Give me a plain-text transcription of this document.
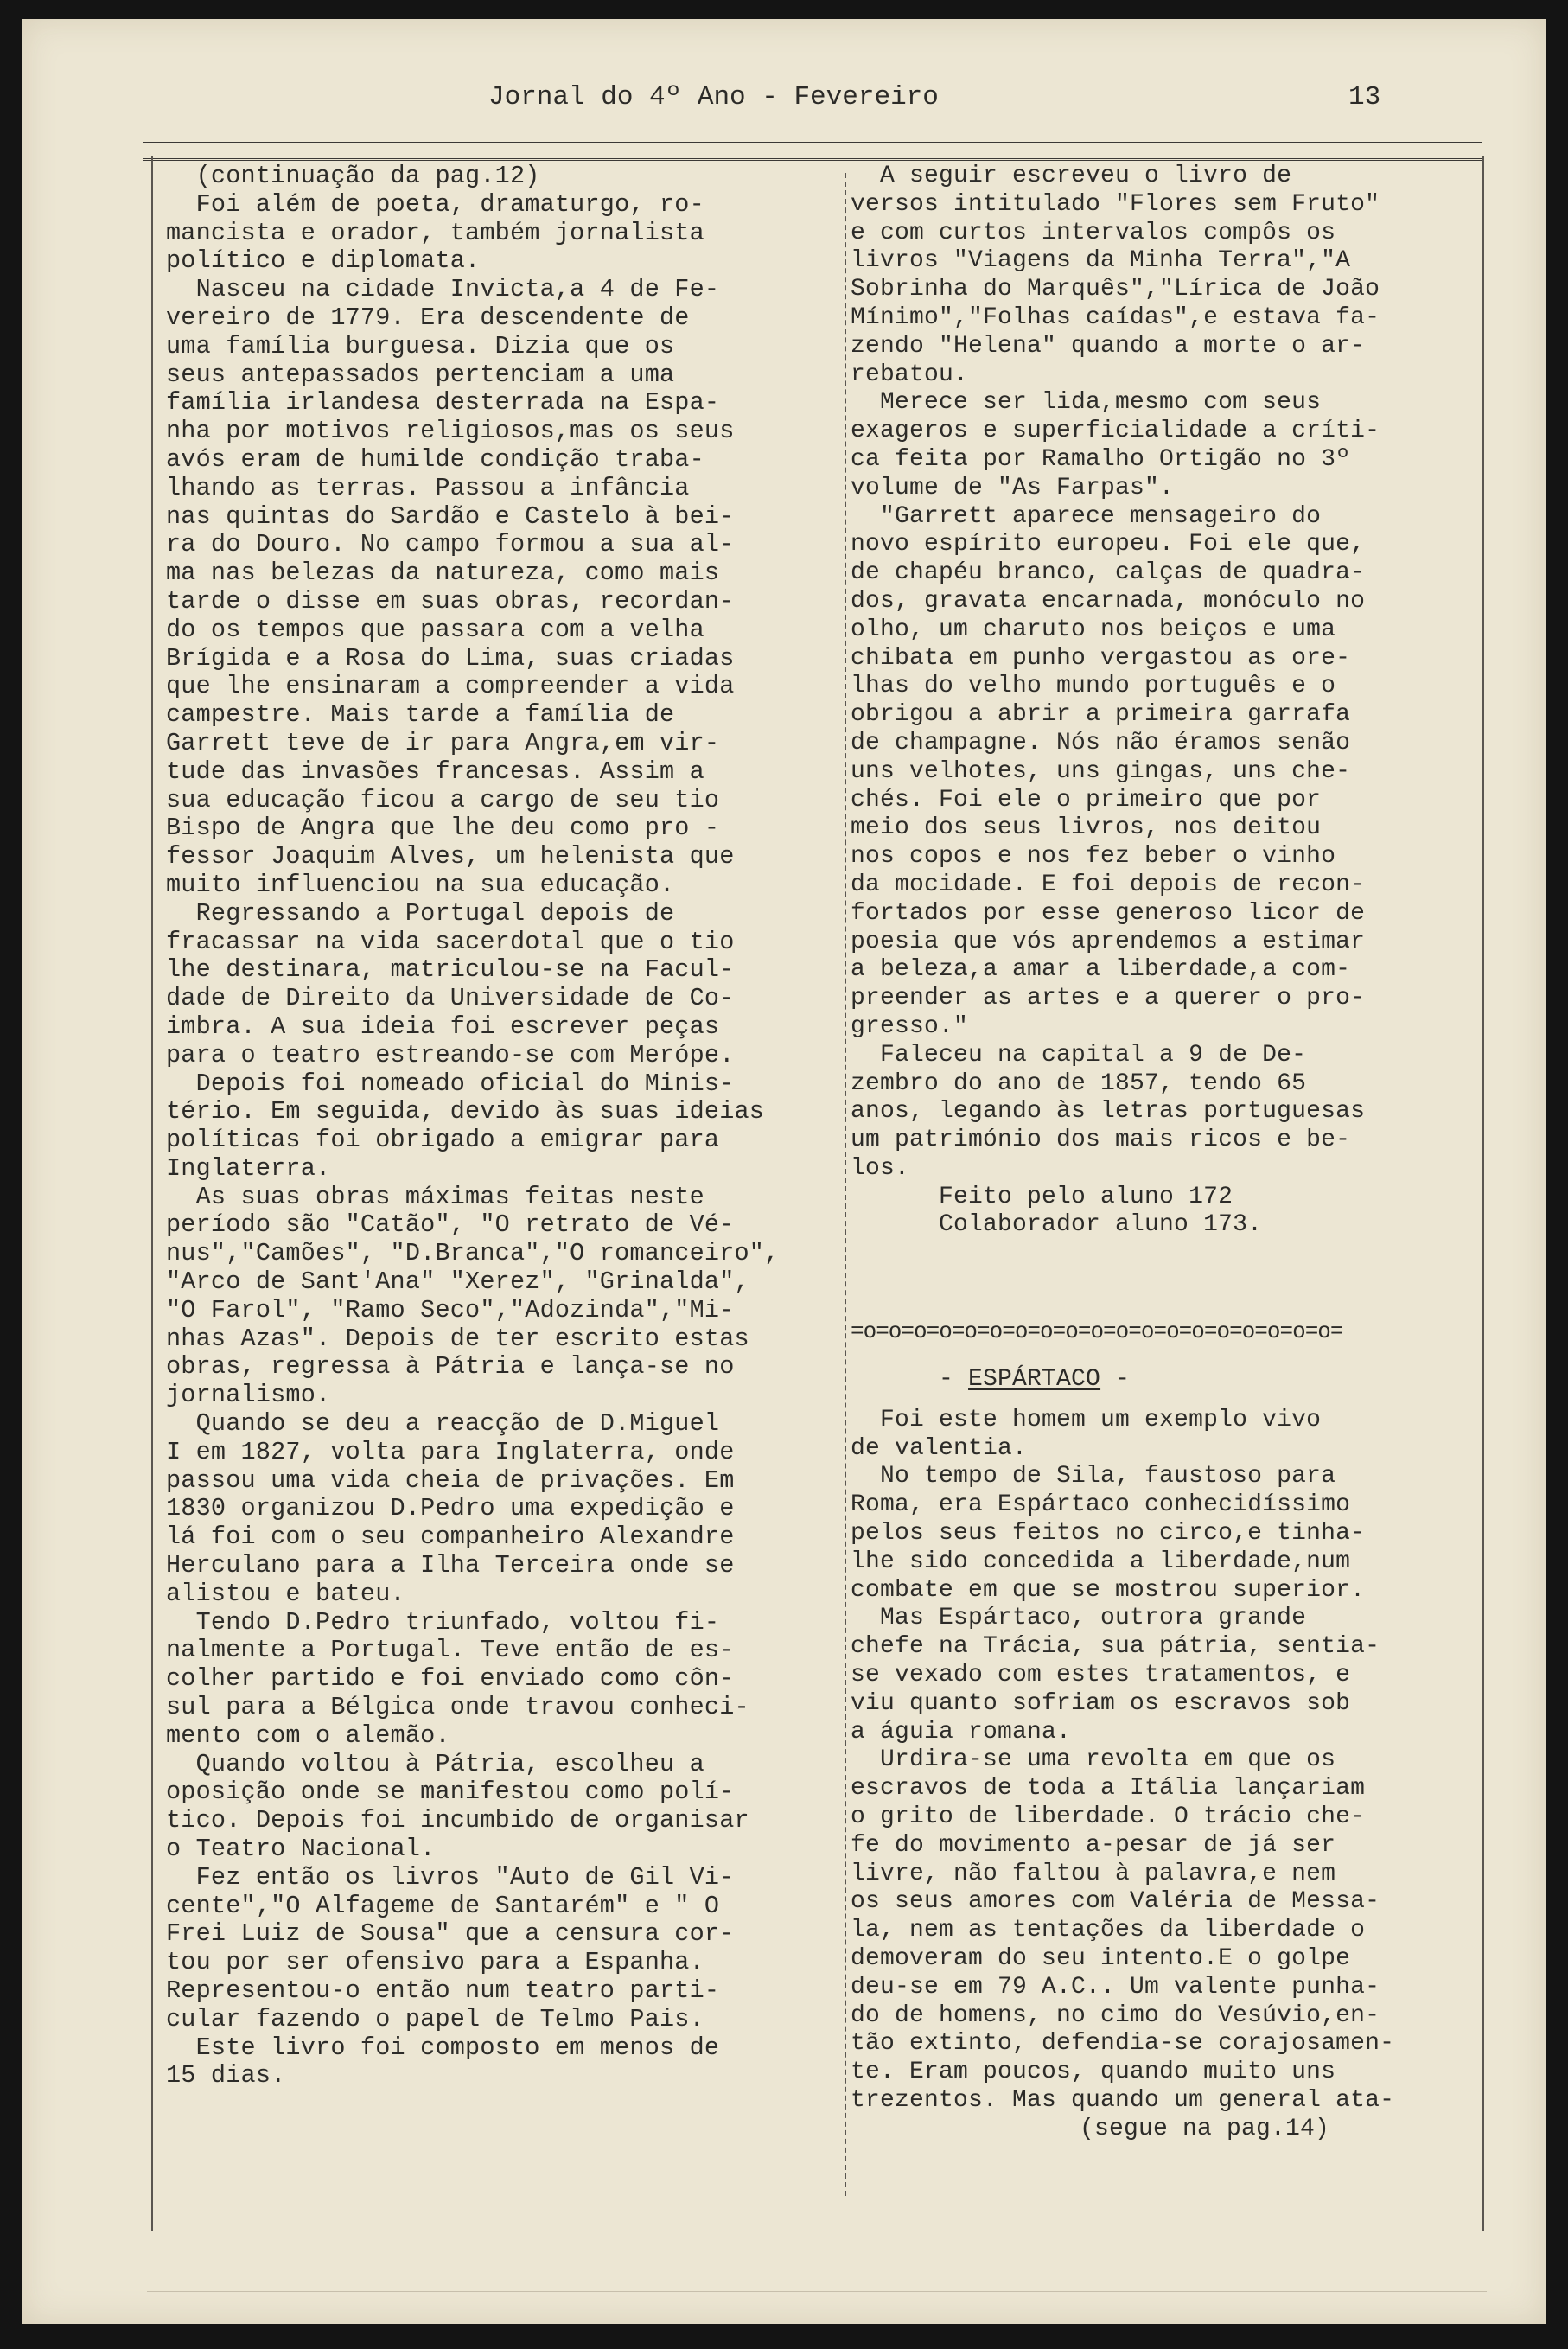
Jornal do 4º Ano - Fevereiro	13
(continuação da pag.12)
Foi além de poeta, dramaturgo, ro-
mancista e orador, também jornalista
político e diplomata.
Nasceu na cidade Invicta,a 4 de Fe-
vereiro de 1779. Era descendente de
uma família burguesa. Dizia que os
seus antepassados pertenciam a uma
família irlandesa desterrada na Espa-
nha por motivos religiosos,mas os seus
avós eram de humilde condição traba-
lhando as terras. Passou a infância
nas quintas do Sardão e Castelo à bei-
ra do Douro. No campo formou a sua al-
ma nas belezas da natureza, como mais
tarde o disse em suas obras, recordan-
do os tempos que passara com a velha
Brígida e a Rosa do Lima, suas criadas
que lhe ensinaram a compreender a vida
campestre. Mais tarde a família de
Garrett teve de ir para Angra,em vir-
tude das invasões francesas. Assim a
sua educação ficou a cargo de seu tio
Bispo de Angra que lhe deu como pro -
fessor Joaquim Alves, um helenista que
muito influenciou na sua educação.
Regressando a Portugal depois de
fracassar na vida sacerdotal que o tio
lhe destinara, matriculou-se na Facul-
dade de Direito da Universidade de Co-
imbra. A sua ideia foi escrever peças
para o teatro estreando-se com Merópe.
Depois foi nomeado oficial do Minis-
tério. Em seguida, devido às suas ideias
políticas foi obrigado a emigrar para
Inglaterra.
As suas obras máximas feitas neste
período são "Catão", "O retrato de Vé-
nus","Camões", "D.Branca","O romanceiro",
"Arco de Sant'Ana" "Xerez", "Grinalda",
"O Farol", "Ramo Seco","Adozinda","Mi-
nhas Azas". Depois de ter escrito estas
obras, regressa à Pátria e lança-se no
jornalismo.
Quando se deu a reacção de D.Miguel
I em 1827, volta para Inglaterra, onde
passou uma vida cheia de privações. Em
1830 organizou D.Pedro uma expedição e
lá foi com o seu companheiro Alexandre
Herculano para a Ilha Terceira onde se
alistou e bateu.
Tendo D.Pedro triunfado, voltou fi-
nalmente a Portugal. Teve então de es-
colher partido e foi enviado como côn-
sul para a Bélgica onde travou conheci-
mento com o alemão.
Quando voltou à Pátria, escolheu a
oposição onde se manifestou como polí-
tico. Depois foi incumbido de organisar
o Teatro Nacional.
Fez então os livros "Auto de Gil Vi-
cente","O Alfageme de Santarém" e " O
Frei Luiz de Sousa" que a censura cor-
tou por ser ofensivo para a Espanha.
Representou-o então num teatro parti-
cular fazendo o papel de Telmo Pais.
Este livro foi composto em menos de
15 dias.
A seguir escreveu o livro de
versos intitulado "Flores sem Fruto"
e com curtos intervalos compôs os
livros "Viagens da Minha Terra","A
Sobrinha do Marquês","Lírica de João
Mínimo","Folhas caídas",e estava fa-
zendo "Helena" quando a morte o ar-
rebatou.
Merece ser lida,mesmo com seus
exageros e superficialidade a críti-
ca feita por Ramalho Ortigão no 3º
volume de "As Farpas".
"Garrett aparece mensageiro do
novo espírito europeu. Foi ele que,
de chapéu branco, calças de quadra-
dos, gravata encarnada, monóculo no
olho, um charuto nos beiços e uma
chibata em punho vergastou as ore-
lhas do velho mundo português e o
obrigou a abrir a primeira garrafa
de champagne. Nós não éramos senão
uns velhotes, uns gingas, uns che-
chés. Foi ele o primeiro que por
meio dos seus livros, nos deitou
nos copos e nos fez beber o vinho
da mocidade. E foi depois de recon-
fortados por esse generoso licor de
poesia que vós aprendemos a estimar
a beleza,a amar a liberdade,a com-
preender as artes e a querer o pro-
gresso."
Faleceu na capital a 9 de De-
zembro do ano de 1857, tendo 65
anos, legando às letras portuguesas
um património dos mais ricos e be-
los.
Feito pelo aluno 172
Colaborador aluno 173.
=o=o=o=o=o=o=o=o=o=o=o=o=o=o=o=o=o=o=o=
- ESPÁRTACO -
Foi este homem um exemplo vivo
de valentia.
No tempo de Sila, faustoso para
Roma, era Espártaco conhecidíssimo
pelos seus feitos no circo,e tinha-
lhe sido concedida a liberdade,num
combate em que se mostrou superior.
Mas Espártaco, outrora grande
chefe na Trácia, sua pátria, sentia-
se vexado com estes tratamentos, e
viu quanto sofriam os escravos sob
a águia romana.
Urdira-se uma revolta em que os
escravos de toda a Itália lançariam
o grito de liberdade. O trácio che-
fe do movimento a-pesar de já ser
livre, não faltou à palavra,e nem
os seus amores com Valéria de Messa-
la, nem as tentações da liberdade o
demoveram do seu intento.E o golpe
deu-se em 79 A.C.. Um valente punha-
do de homens, no cimo do Vesúvio,en-
tão extinto, defendia-se corajosamen-
te. Eram poucos, quando muito uns
trezentos. Mas quando um general ata-
(segue na pag.14)
